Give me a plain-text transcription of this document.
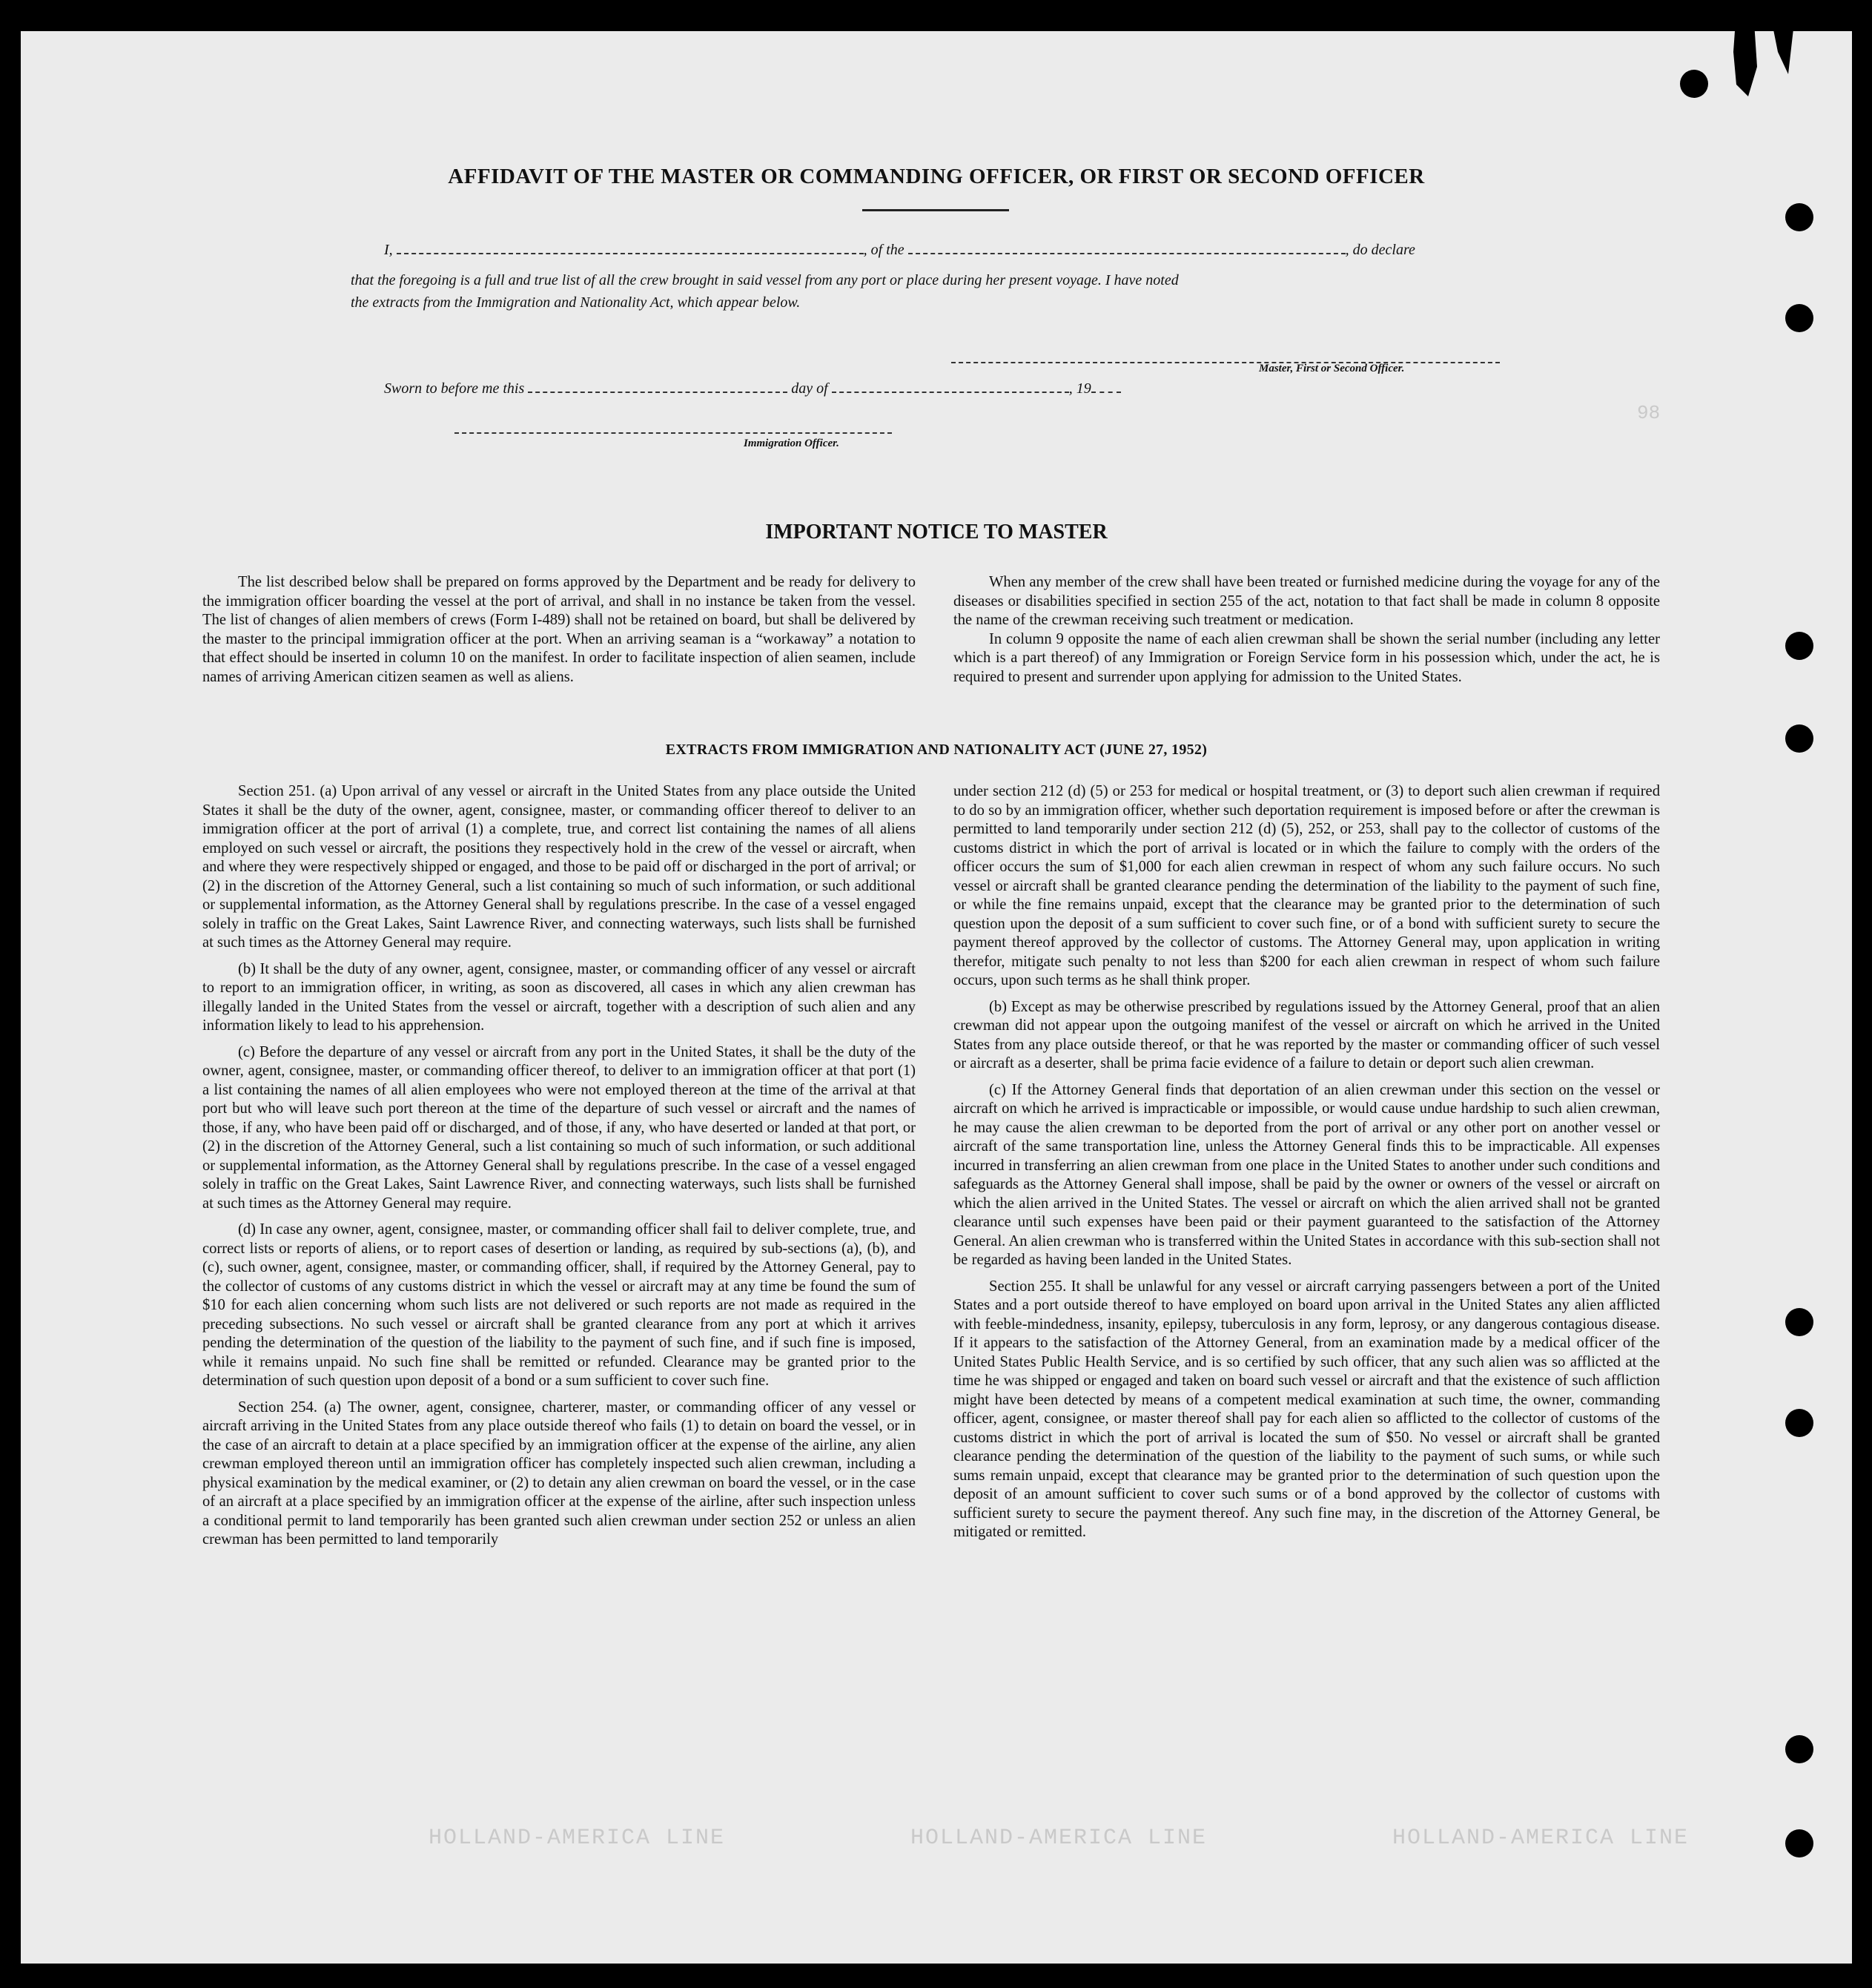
98
HOLLAND-AMERICA LINE	HOLLAND-AMERICA LINE	HOLLAND-AMERICA LINE
AFFIDAVIT OF THE MASTER OR COMMANDING OFFICER, OR FIRST OR SECOND OFFICER
I,	, of the	, do declare
that the foregoing is a full and true list of all the crew brought in said vessel from any port or place during her present voyage. I have noted
the extracts from the Immigration and Nationality Act, which appear below.
Master, First or Second Officer.
Sworn to before me this	day of	, 19
Immigration Officer.
IMPORTANT NOTICE TO MASTER

The list described below shall be prepared on forms approved by the Department and be ready for delivery to the immigration officer boarding the vessel at the port of arrival, and shall in no instance be taken from the vessel. The list of changes of alien members of crews (Form I-489) shall not be retained on board, but shall be delivered by the master to the principal immigration officer at the port. When an arriving seaman is a “workaway” a notation to that effect should be inserted in column 10 on the manifest. In order to facilitate inspection of alien seamen, include names of arriving American citizen seamen as well as aliens.

When any member of the crew shall have been treated or furnished medicine during the voyage for any of the diseases or disabilities specified in section 255 of the act, notation to that fact shall be made in column 8 opposite the name of the crewman receiving such treatment or medication.

In column 9 opposite the name of each alien crewman shall be shown the serial number (including any letter which is a part thereof) of any Immigration or Foreign Service form in his possession which, under the act, he is required to present and surrender upon applying for admission to the United States.

EXTRACTS FROM IMMIGRATION AND NATIONALITY ACT (JUNE 27, 1952)

Section 251. (a) Upon arrival of any vessel or aircraft in the United States from any place outside the United States it shall be the duty of the owner, agent, consignee, master, or commanding officer thereof to deliver to an immigration officer at the port of arrival (1) a complete, true, and correct list containing the names of all aliens employed on such vessel or aircraft, the positions they respectively hold in the crew of the vessel or aircraft, when and where they were respectively shipped or engaged, and those to be paid off or discharged in the port of arrival; or (2) in the discretion of the Attorney General, such a list containing so much of such information, or such additional or supplemental information, as the Attorney General shall by regulations prescribe. In the case of a vessel engaged solely in traffic on the Great Lakes, Saint Lawrence River, and connecting waterways, such lists shall be furnished at such times as the Attorney General may require.

(b) It shall be the duty of any owner, agent, consignee, master, or commanding officer of any vessel or aircraft to report to an immigration officer, in writing, as soon as discovered, all cases in which any alien crewman has illegally landed in the United States from the vessel or aircraft, together with a description of such alien and any information likely to lead to his apprehension.

(c) Before the departure of any vessel or aircraft from any port in the United States, it shall be the duty of the owner, agent, consignee, master, or commanding officer thereof, to deliver to an immigration officer at that port (1) a list containing the names of all alien employees who were not employed thereon at the time of the arrival at that port but who will leave such port thereon at the time of the departure of such vessel or aircraft and the names of those, if any, who have been paid off or discharged, and of those, if any, who have deserted or landed at that port, or (2) in the discretion of the Attorney General, such a list containing so much of such information, or such additional or supplemental information, as the Attorney General shall by regulations prescribe. In the case of a vessel engaged solely in traffic on the Great Lakes, Saint Lawrence River, and connecting waterways, such lists shall be furnished at such times as the Attorney General may require.

(d) In case any owner, agent, consignee, master, or commanding officer shall fail to deliver complete, true, and correct lists or reports of aliens, or to report cases of desertion or landing, as required by sub-sections (a), (b), and (c), such owner, agent, consignee, master, or commanding officer, shall, if required by the Attorney General, pay to the collector of customs of any customs district in which the vessel or aircraft may at any time be found the sum of $10 for each alien concerning whom such lists are not delivered or such reports are not made as required in the preceding subsections. No such vessel or aircraft shall be granted clearance from any port at which it arrives pending the determination of the question of the liability to the payment of such fine, and if such fine is imposed, while it remains unpaid. No such fine shall be remitted or refunded. Clearance may be granted prior to the determination of such question upon deposit of a bond or a sum sufficient to cover such fine.

Section 254. (a) The owner, agent, consignee, charterer, master, or commanding officer of any vessel or aircraft arriving in the United States from any place outside thereof who fails (1) to detain on board the vessel, or in the case of an aircraft to detain at a place specified by an immigration officer at the expense of the airline, any alien crewman employed thereon until an immigration officer has completely inspected such alien crewman, including a physical examination by the medical examiner, or (2) to detain any alien crewman on board the vessel, or in the case of an aircraft at a place specified by an immigration officer at the expense of the airline, after such inspection unless a conditional permit to land temporarily has been granted such alien crewman under section 252 or unless an alien crewman has been permitted to land temporarily

under section 212 (d) (5) or 253 for medical or hospital treatment, or (3) to deport such alien crewman if required to do so by an immigration officer, whether such deportation requirement is imposed before or after the crewman is permitted to land temporarily under section 212 (d) (5), 252, or 253, shall pay to the collector of customs of the customs district in which the port of arrival is located or in which the failure to comply with the orders of the officer occurs the sum of $1,000 for each alien crewman in respect of whom any such failure occurs. No such vessel or aircraft shall be granted clearance pending the determination of the liability to the payment of such fine, or while the fine remains unpaid, except that the clearance may be granted prior to the determination of such question upon the deposit of a sum sufficient to cover such fine, or of a bond with sufficient surety to secure the payment thereof approved by the collector of customs. The Attorney General may, upon application in writing therefor, mitigate such penalty to not less than $200 for each alien crewman in respect of whom such failure occurs, upon such terms as he shall think proper.

(b) Except as may be otherwise prescribed by regulations issued by the Attorney General, proof that an alien crewman did not appear upon the outgoing manifest of the vessel or aircraft on which he arrived in the United States from any place outside thereof, or that he was reported by the master or commanding officer of such vessel or aircraft as a deserter, shall be prima facie evidence of a failure to detain or deport such alien crewman.

(c) If the Attorney General finds that deportation of an alien crewman under this section on the vessel or aircraft on which he arrived is impracticable or impossible, or would cause undue hardship to such alien crewman, he may cause the alien crewman to be deported from the port of arrival or any other port on another vessel or aircraft of the same transportation line, unless the Attorney General finds this to be impracticable. All expenses incurred in transferring an alien crewman from one place in the United States to another under such conditions and safeguards as the Attorney General shall impose, shall be paid by the owner or owners of the vessel or aircraft on which the alien arrived in the United States. The vessel or aircraft on which the alien arrived shall not be granted clearance until such expenses have been paid or their payment guaranteed to the satisfaction of the Attorney General. An alien crewman who is transferred within the United States in accordance with this sub-section shall not be regarded as having been landed in the United States.

Section 255. It shall be unlawful for any vessel or aircraft carrying passengers between a port of the United States and a port outside thereof to have employed on board upon arrival in the United States any alien afflicted with feeble-mindedness, insanity, epilepsy, tuberculosis in any form, leprosy, or any dangerous contagious disease. If it appears to the satisfaction of the Attorney General, from an examination made by a medical officer of the United States Public Health Service, and is so certified by such officer, that any such alien was so afflicted at the time he was shipped or engaged and taken on board such vessel or aircraft and that the existence of such affliction might have been detected by means of a competent medical examination at such time, the owner, commanding officer, agent, consignee, or master thereof shall pay for each alien so afflicted to the collector of customs of the customs district in which the port of arrival is located the sum of $50. No vessel or aircraft shall be granted clearance pending the determination of the question of the liability to the payment of such sums, or while such sums remain unpaid, except that clearance may be granted prior to the determination of such question upon the deposit of an amount sufficient to cover such sums or of a bond approved by the collector of customs with sufficient surety to secure the payment thereof. Any such fine may, in the discretion of the Attorney General, be mitigated or remitted.
